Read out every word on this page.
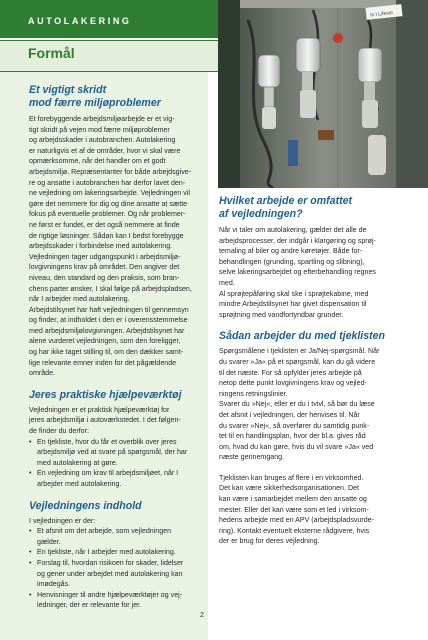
AUTOLAKERING
Formål
Is I Lifewo
Et vigtigt skridt
mod færre miljøproblemer

Et forebyggende arbejdsmiljøarbejde er et vig-
tigt skridt på vejen mod færre miljøproblemer
og arbejdsskader i autobranchen. Autolakering
er naturligvis et af de områder, hvor vi skal være
opmærksomme, når det handler om et godt
arbejdsmiljø. Repræsentanter for både arbejdsgive-
re og ansatte i autobranchen har derfor lavet den-
ne vejledning om lakeringsarbejde. Vejledningen vil
gøre det nemmere for dig og dine ansatte at sætte
fokus på eventuelle problemer. Og når problemer-
ne først er fundet, er det også nemmere at finde
de rigtige løsninger. Sådan kan I bedst forebygge
arbejdsskader i forbindelse med autolakering.
Vejledningen tager udgangspunkt i arbejdsmiljø-
lovgivningens krav på området. Den angiver det
niveau, den standard og den praksis, som bran-
chens parter ønsker, I skal følge på arbejdspladsen,
når I arbejder med autolakering.
Arbejdstilsynet har haft vejledningen til gennemsyn
og finder, at indholdet i den er i overensstemmelse
med arbejdsmiljølovgivningen. Arbejdstilsynet har
alene vurderet vejledningen, som den foreligger,
og har ikke taget stilling til, om den dækker samt-
lige relevante emner inden for det pågældende
område.

Jeres praktiske hjælpeværktøj

Vejledningen er et praktisk hjælpeværktøj for
jeres arbejdsmiljø i autoværkstedet. I det følgen-
de finder du derfor:

• En tjekliste, hvor du får et overblik over jeres
arbejdsmiljø ved at svare på spørgsmål, der har
med autolakering at gøre.
• En vejledning om krav til arbejdsmiljøet, når I
arbejder med autolakering.
Vejledningens indhold

I vejledningen er der:

• Et afsnit om det arbejde, som vejledningen
gælder.
• En tjekliste, når I arbejder med autolakering.
• Forslag til, hvordan risikoen for skader, lidelser
og gener under arbejdet med autolakering kan
imødegås.
• Henvisninger til andre hjælpeværktøjer og vej-
ledninger, der er relevante for jer.
Hvilket arbejde er omfattet
af vejledningen?

Når vi taler om autolakering, gælder det alle de
arbejdsprocesser, der indgår i klargøring og sprøj-
temaling af biler og andre køretøjer. Både for-
behandlingen (grunding, spartling og slibning),
selve lakeringsarbejdet og efterbehandling regnes
med.
Al sprøjtepåføring skal ske i sprøjtekabine, med
mindre Arbejdstilsynet har givet dispensation til
sprøjtning med vandfortyndbar grunder.

Sådan arbejder du med tjeklisten

Spørgsmålene i tjeklisten er Ja/Nej-spørgsmål. Når
du svarer »Ja« på et spørgsmål, kan du gå videre
til det næste. For så opfylder jeres arbejde på
netop dette punkt lovgivningens krav og vejled-
ningens retningslinier.
Svarer du »Nej«, eller er du i tvivl, så bør du læse
det afsnit i vejledningen, der henvises til. Når
du svarer »Nej«, så overfører du samtidig punk-
tet til en handlingsplan, hvor der bl.a. gives råd
om, hvad du kan gøre, hvis du vil svare »Ja« ved
næste gennemgang.

Tjeklisten kan bruges af flere i en virksomhed.
Det kan være sikkerhedsorganisationen. Det
kan være i samarbejdet mellem den ansatte og
mester. Eller det kan være som et led i virksom-
hedens arbejde med en APV (arbejdspladsvurde-
ring). Kontakt eventuelt eksterne rådgivere, hvis
der er brug for deres vejledning.

2
